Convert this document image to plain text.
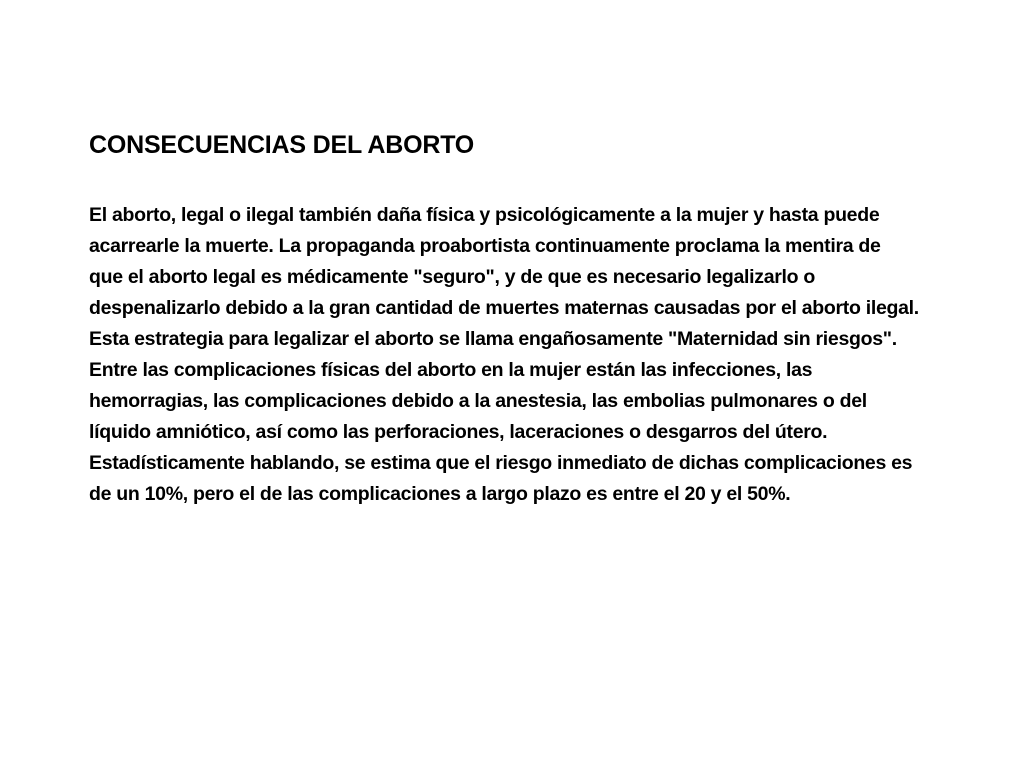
CONSECUENCIAS DEL ABORTO

El aborto, legal o ilegal también daña física y psicológicamente a la mujer y hasta puede acarrearle la muerte. La propaganda proabortista continuamente proclama la mentira de que el aborto legal es médicamente "seguro", y de que es necesario legalizarlo o despenalizarlo debido a la gran cantidad de muertes maternas causadas por el aborto ilegal. Esta estrategia para legalizar el aborto se llama engañosamente "Maternidad sin riesgos". Entre las complicaciones físicas del aborto en la mujer están las infecciones, las hemorragias, las complicaciones debido a la anestesia, las embolias pulmonares o del líquido amniótico, así como las perforaciones, laceraciones o desgarros del útero.

Estadísticamente hablando, se estima que el riesgo inmediato de dichas complicaciones es de un 10%, pero el de las complicaciones a largo plazo es entre el 20 y el 50%.
